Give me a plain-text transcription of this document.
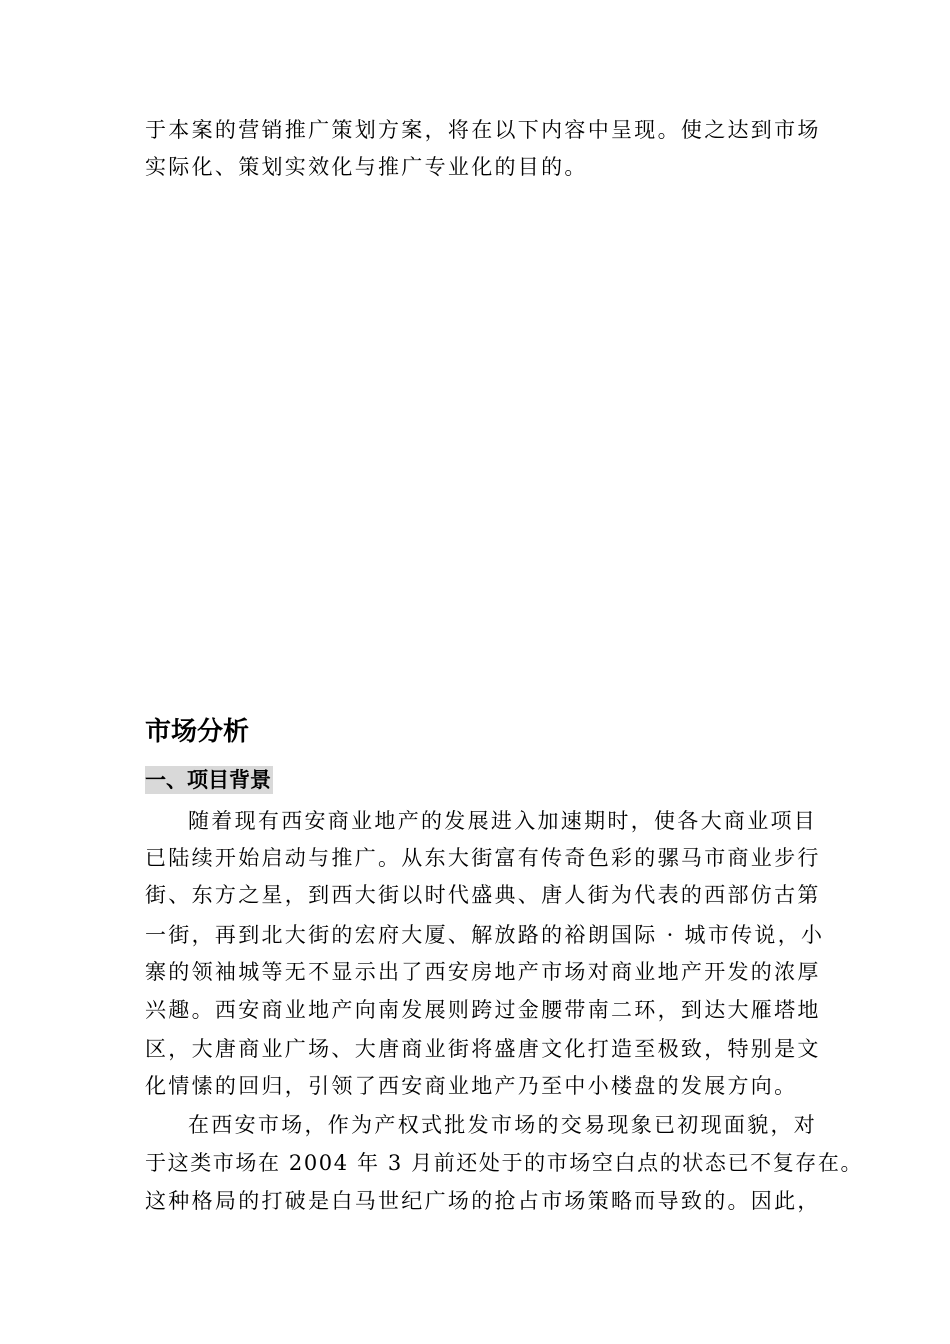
于本案的营销推广策划方案，将在以下内容中呈现。使之达到市场
实际化、策划实效化与推广专业化的目的。
市场分析
一、项目背景
随着现有西安商业地产的发展进入加速期时，使各大商业项目
已陆续开始启动与推广。从东大街富有传奇色彩的骡马市商业步行
街、东方之星，到西大街以时代盛典、唐人街为代表的西部仿古第
一街，再到北大街的宏府大厦、解放路的裕朗国际 · 城市传说，小
寨的领袖城等无不显示出了西安房地产市场对商业地产开发的浓厚
兴趣。西安商业地产向南发展则跨过金腰带南二环，到达大雁塔地
区，大唐商业广场、大唐商业街将盛唐文化打造至极致，特别是文
化情愫的回归，引领了西安商业地产乃至中小楼盘的发展方向。
在西安市场，作为产权式批发市场的交易现象已初现面貌，对
于这类市场在 2004 年 3 月前还处于的市场空白点的状态已不复存在。
这种格局的打破是白马世纪广场的抢占市场策略而导致的。因此，
